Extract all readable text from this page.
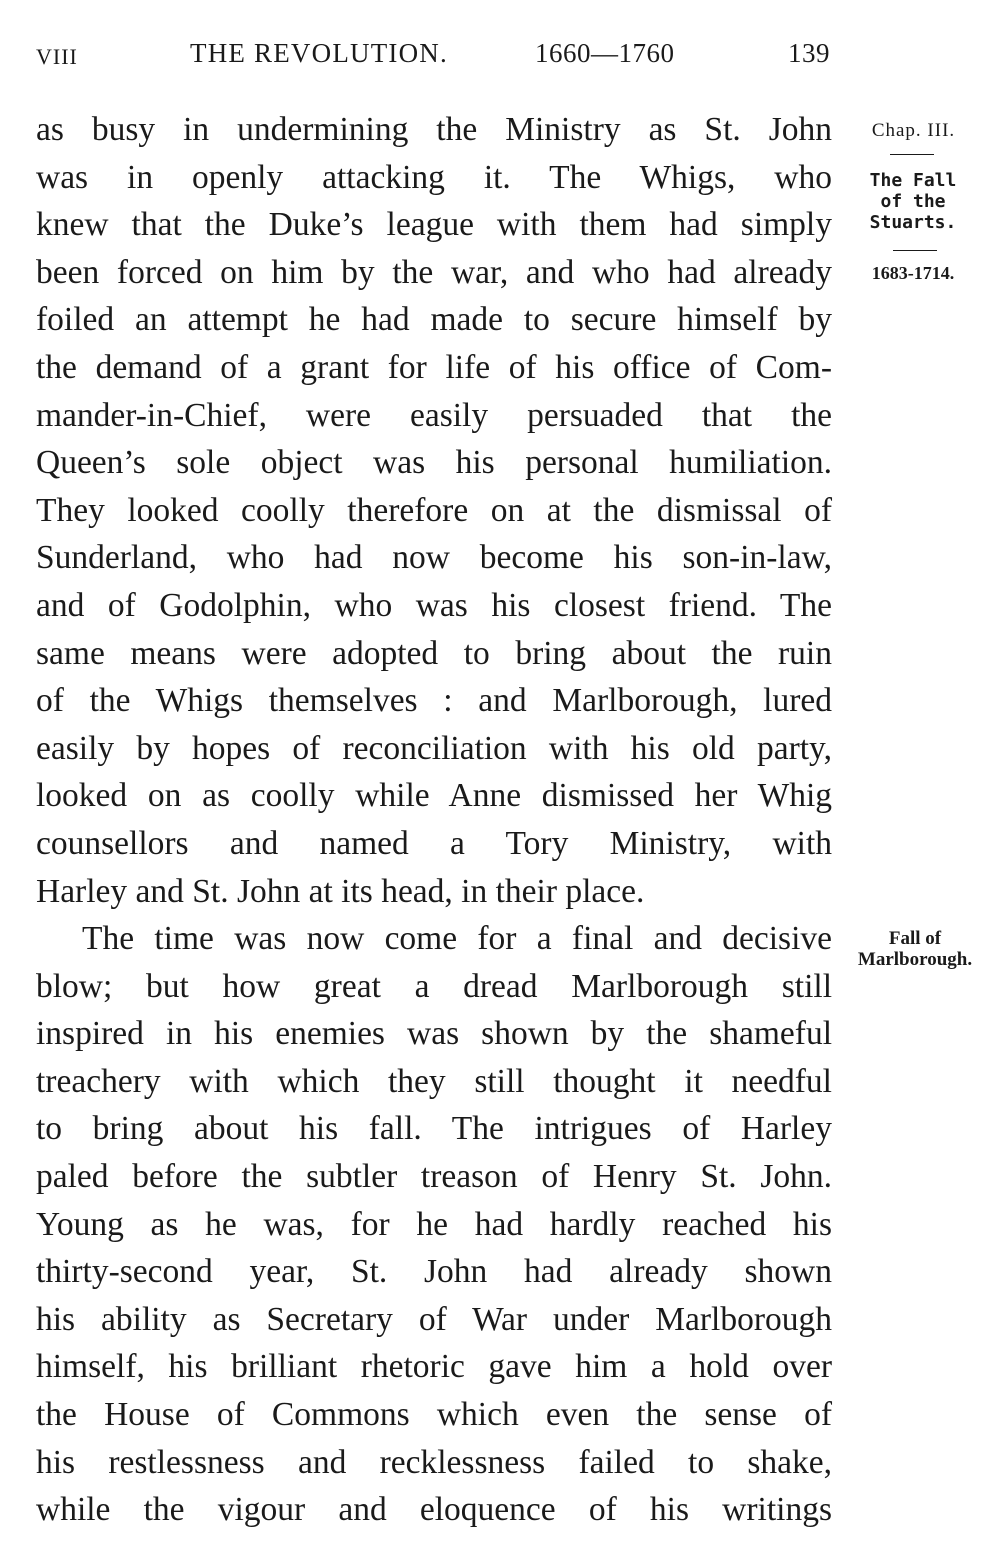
VIII	THE REVOLUTION.	1660—1760	139
as busy in undermining the Ministry as St. John
was in openly attacking it. The Whigs, who
knew that the Duke’s league with them had simply
been forced on him by the war, and who had already
foiled an attempt he had made to secure himself by
the demand of a grant for life of his office of Com-
mander-in-Chief, were easily persuaded that the
Queen’s sole object was his personal humiliation.
They looked coolly therefore on at the dismissal of
Sunderland, who had now become his son-in-law,
and of Godolphin, who was his closest friend. The
same means were adopted to bring about the ruin
of the Whigs themselves : and Marlborough, lured
easily by hopes of reconciliation with his old party,
looked on as coolly while Anne dismissed her Whig
counsellors and named a Tory Ministry, with
Harley and St. John at its head, in their place.
The time was now come for a final and decisive
blow; but how great a dread Marlborough still
inspired in his enemies was shown by the shameful
treachery with which they still thought it needful
to bring about his fall. The intrigues of Harley
paled before the subtler treason of Henry St. John.
Young as he was, for he had hardly reached his
thirty-second year, St. John had already shown
his ability as Secretary of War under Marlborough
himself, his brilliant rhetoric gave him a hold over
the House of Commons which even the sense of
his restlessness and recklessness failed to shake,
while the vigour and eloquence of his writings
Chap. III.
The Fall
of the
Stuarts.
1683-1714.
Fall of
Marlborough.
